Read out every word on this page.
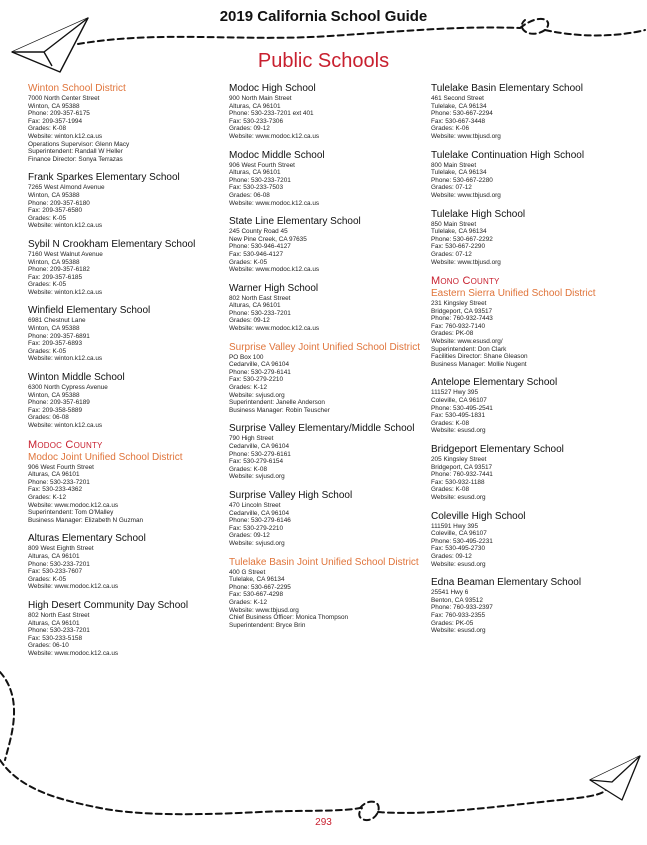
2019 California School Guide
Public Schools
Winton School District
7000 North Center Street
Winton, CA 95388
Phone: 209-357-6175
Fax: 209-357-1994
Grades: K-08
Website: winton.k12.ca.us
Operations Supervisor: Glenn Macy
Superintendent: Randall W Heller
Finance Director: Sonya Terrazas
Frank Sparkes Elementary School
7265 West Almond Avenue
Winton, CA 95388
Phone: 209-357-6180
Fax: 209-357-6580
Grades: K-05
Website: winton.k12.ca.us
Sybil N Crookham Elementary School
7160 West Walnut Avenue
Winton, CA 95388
Phone: 209-357-6182
Fax: 209-357-6185
Grades: K-05
Website: winton.k12.ca.us
Winfield Elementary School
6981 Chestnut Lane
Winton, CA 95388
Phone: 209-357-6891
Fax: 209-357-6893
Grades: K-05
Website: winton.k12.ca.us
Winton Middle School
6300 North Cypress Avenue
Winton, CA 95388
Phone: 209-357-6189
Fax: 209-358-5889
Grades: 06-08
Website: winton.k12.ca.us
Modoc County
Modoc Joint Unified School District
906 West Fourth Street
Alturas, CA 96101
Phone: 530-233-7201
Fax: 530-233-4362
Grades: K-12
Website: www.modoc.k12.ca.us
Superintendent: Tom O'Malley
Business Manager: Elizabeth N Guzman
Alturas Elementary School
809 West Eighth Street
Alturas, CA 96101
Phone: 530-233-7201
Fax: 530-233-7607
Grades: K-05
Website: www.modoc.k12.ca.us
High Desert Community Day School
802 North East Street
Alturas, CA 96101
Phone: 530-233-7201
Fax: 530-233-5158
Grades: 06-10
Website: www.modoc.k12.ca.us
Modoc High School
900 North Main Street
Alturas, CA 96101
Phone: 530-233-7201 ext 401
Fax: 530-233-7306
Grades: 09-12
Website: www.modoc.k12.ca.us
Modoc Middle School
906 West Fourth Street
Alturas, CA 96101
Phone: 530-233-7201
Fax: 530-233-7503
Grades: 06-08
Website: www.modoc.k12.ca.us
State Line Elementary School
245 County Road 45
New Pine Creek, CA 97635
Phone: 530-946-4127
Fax: 530-946-4127
Grades: K-05
Website: www.modoc.k12.ca.us
Warner High School
802 North East Street
Alturas, CA 96101
Phone: 530-233-7201
Grades: 09-12
Website: www.modoc.k12.ca.us
Surprise Valley Joint Unified School District
PO Box 100
Cedarville, CA 96104
Phone: 530-279-6141
Fax: 530-279-2210
Grades: K-12
Website: svjusd.org
Superintendent: Janelle Anderson
Business Manager: Robin Teuscher
Surprise Valley Elementary/Middle School
790 High Street
Cedarville, CA 96104
Phone: 530-279-6161
Fax: 530-279-6154
Grades: K-08
Website: svjusd.org
Surprise Valley High School
470 Lincoln Street
Cedarville, CA 96104
Phone: 530-279-6146
Fax: 530-279-2210
Grades: 09-12
Website: svjusd.org
Tulelake Basin Joint Unified School District
400 G Street
Tulelake, CA 96134
Phone: 530-667-2295
Fax: 530-667-4298
Grades: K-12
Website: www.tbjusd.org
Chief Business Officer: Monica Thompson
Superintendent: Bryce Brin
Tulelake Basin Elementary School
461 Second Street
Tulelake, CA 96134
Phone: 530-667-2294
Fax: 530-667-3448
Grades: K-06
Website: www.tbjusd.org
Tulelake Continuation High School
800 Main Street
Tulelake, CA 96134
Phone: 530-667-2280
Grades: 07-12
Website: www.tbjusd.org
Tulelake High School
850 Main Street
Tulelake, CA 96134
Phone: 530-667-2292
Fax: 530-667-2290
Grades: 07-12
Website: www.tbjusd.org
Mono County
Eastern Sierra Unified School District
231 Kingsley Street
Bridgeport, CA 93517
Phone: 760-932-7443
Fax: 760-932-7140
Grades: PK-08
Website: www.esusd.org/
Superintendent: Don Clark
Facilities Director: Shane Gleason
Business Manager: Mollie Nugent
Antelope Elementary School
111527 Hwy 395
Coleville, CA 96107
Phone: 530-495-2541
Fax: 530-495-1831
Grades: K-08
Website: esusd.org
Bridgeport Elementary School
205 Kingsley Street
Bridgeport, CA 93517
Phone: 760-932-7441
Fax: 530-932-1188
Grades: K-08
Website: esusd.org
Coleville High School
111591 Hwy 395
Coleville, CA 96107
Phone: 530-495-2231
Fax: 530-495-2730
Grades: 09-12
Website: esusd.org
Edna Beaman Elementary School
25541 Hwy 6
Benton, CA 93512
Phone: 760-933-2397
Fax: 760-933-2355
Grades: PK-05
Website: esusd.org
293
